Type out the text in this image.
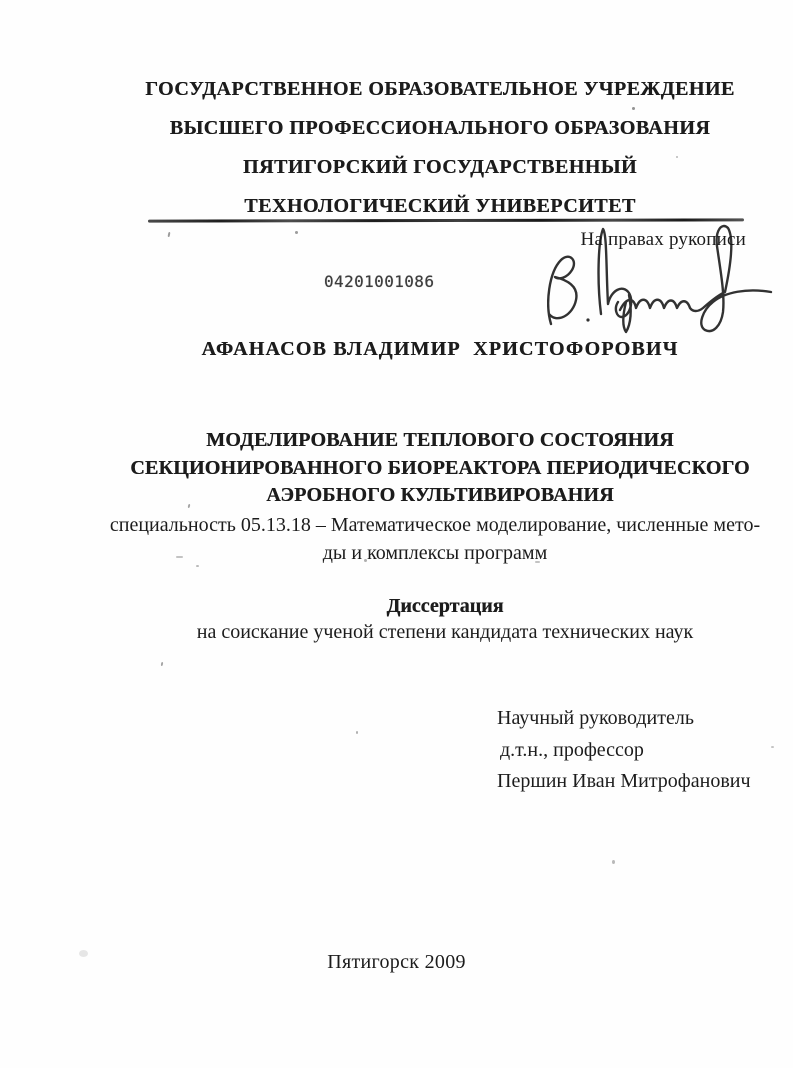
ГОСУДАРСТВЕННОЕ ОБРАЗОВАТЕЛЬНОЕ УЧРЕЖДЕНИЕ
ВЫСШЕГО ПРОФЕССИОНАЛЬНОГО ОБРАЗОВАНИЯ
ПЯТИГОРСКИЙ ГОСУДАРСТВЕННЫЙ
ТЕХНОЛОГИЧЕСКИЙ УНИВЕРСИТЕТ
На правах рукописи
04201001086
АФАНАСОВ ВЛАДИМИР  ХРИСТОФОРОВИЧ
МОДЕЛИРОВАНИЕ ТЕПЛОВОГО СОСТОЯНИЯ
СЕКЦИОНИРОВАННОГО БИОРЕАКТОРА ПЕРИОДИЧЕСКОГО
АЭРОБНОГО КУЛЬТИВИРОВАНИЯ
специальность 05.13.18 – Математическое моделирование, численные мето-
ды и комплексы программ
Диссертация
на соискание ученой степени кандидата технических наук
Научный руководитель
д.т.н., профессор
Першин Иван Митрофанович
Пятигорск 2009
